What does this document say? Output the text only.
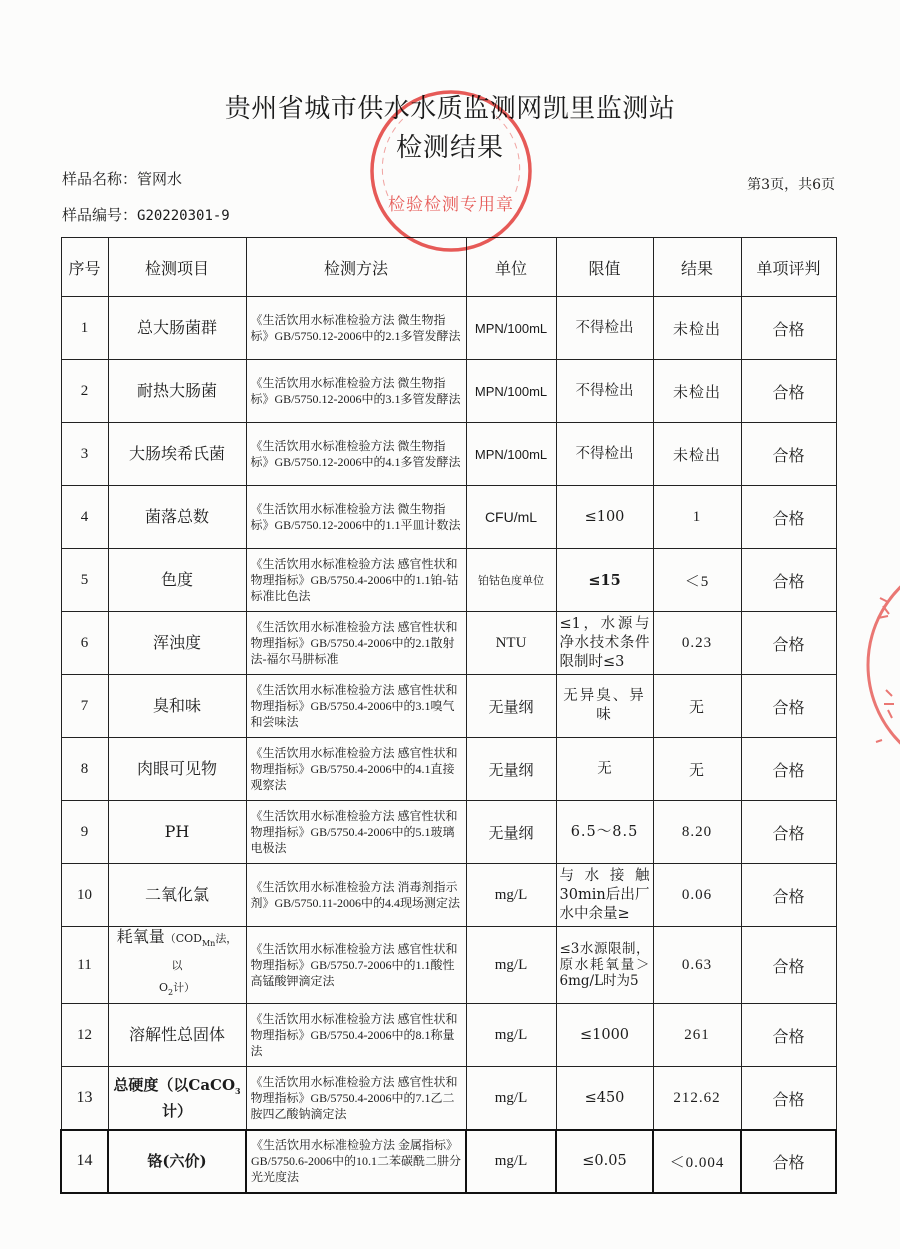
贵州省城市供水水质监测网凯里监测站
检测结果
样品名称：管网水	第3页，共6页
样品编号：G20220301-9
序号	检测项目	检测方法	单位	限值	结果	单项评判
1	总大肠菌群	《生活饮用水标准检验方法 微生物指标》GB/5750.12-2006中的2.1多管发酵法	MPN/100mL	不得检出	未检出	合格
2	耐热大肠菌	《生活饮用水标准检验方法 微生物指标》GB/5750.12-2006中的3.1多管发酵法	MPN/100mL	不得检出	未检出	合格
3	大肠埃希氏菌	《生活饮用水标准检验方法 微生物指标》GB/5750.12-2006中的4.1多管发酵法	MPN/100mL	不得检出	未检出	合格
4	菌落总数	《生活饮用水标准检验方法 微生物指标》GB/5750.12-2006中的1.1平皿计数法	CFU/mL	≤100	1	合格
5	色度	《生活饮用水标准检验方法 感官性状和物理指标》GB/5750.4-2006中的1.1铂-钴标准比色法	铂钴色度单位	≤15	＜5	合格
6	浑浊度	《生活饮用水标准检验方法 感官性状和物理指标》GB/5750.4-2006中的2.1散射法-福尔马肼标准	NTU	≤1，水源与净水技术条件限制时≤3	0.23	合格
7	臭和味	《生活饮用水标准检验方法 感官性状和物理指标》GB/5750.4-2006中的3.1嗅气和尝味法	无量纲	无异臭、异味	无	合格
8	肉眼可见物	《生活饮用水标准检验方法 感官性状和物理指标》GB/5750.4-2006中的4.1直接观察法	无量纲	无	无	合格
9	PH	《生活饮用水标准检验方法 感官性状和物理指标》GB/5750.4-2006中的5.1玻璃电极法	无量纲	6.5～8.5	8.20	合格
10	二氧化氯	《生活饮用水标准检验方法 消毒剂指示剂》GB/5750.11-2006中的4.4现场测定法	mg/L	与水接触30min后出厂水中余量≥	0.06	合格
11	耗氧量（$COD_{Mn}$法，以
$O_2$计）	《生活饮用水标准检验方法 感官性状和物理指标》GB/5750.7-2006中的1.1酸性高锰酸钾滴定法	mg/L	≤3水源限制，原水耗氧量＞6mg/L时为5	0.63	合格
12	溶解性总固体	《生活饮用水标准检验方法 感官性状和物理指标》GB/5750.4-2006中的8.1称量法	mg/L	≤1000	261	合格
13	总硬度（以CaCO$_3$
计）	《生活饮用水标准检验方法 感官性状和物理指标》GB/5750.4-2006中的7.1乙二胺四乙酸钠滴定法	mg/L	≤450	212.62	合格
14	铬(六价)	《生活饮用水标准检验方法 金属指标》GB/5750.6-2006中的10.1二苯碳酰二肼分光光度法	mg/L	≤0.05	＜0.004	合格
检验检测专用章
